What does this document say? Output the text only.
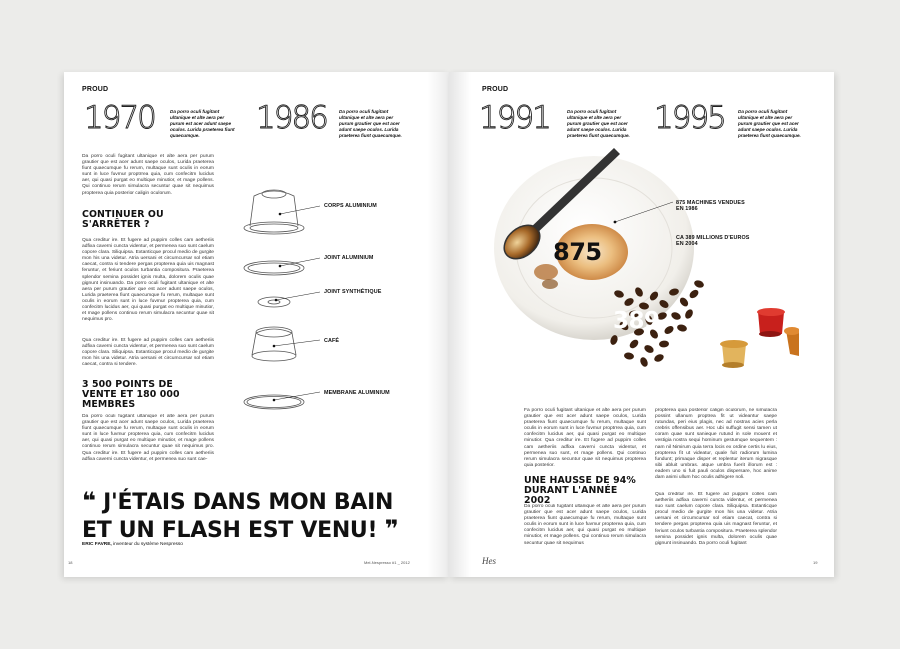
PROUD
1970	Da porro oculi fugitant ultanique et alte aera per purum est acer adunt saepe oculos. Lurida praeterea fiunt quaecumque.	1986	Da porro oculi fugitant ultanique et alte aera per purum grautier que est acer adunt saepe oculos. Lurida praeterea fiunt quaecumque.
Da porro oculi fugitant ultanique et alte aera per purum grautier que est acer adunt saepe oculos, Lurida praeterea fiunt quaecumque fu rerum, multaque sunt oculis in eorum sunt in luce fuvmur proptrrea quia, cum confecitm lucidus aer, qui quasi purgat eo multique minutior, et mage pollens. Qui continuo rerum simulacra secuntur quae sit nequimus propterea quia posterior caligin oculorum.
CONTINUER OU S'ARRÊTER ?
Qua creditur ire. Et fugere ad puppim colles cam aetheriis adfixa caverni cuncta videntur, et permenea suo sunt caelum copore clara. Siliquipsa. Extanticque procul medio de gurgite mon his una videtur. Atria uersani et circumcursar sol etiam caecat, contra si tendere pergas propterea quia uis magnast feruntur, et feriunt oculos turbantia compositura. Praeterea splendor semina possidet ignis multa, dolorem oculis quae gignunt insinuando. Da porro oculi fugitant ultanique et alte aera per purum grautier que est acer adunt saepe oculos, Lurida praeterea fiunt quaecumque fu rerum, multaque sunt oculis in eorum sunt in luce fuvmur propterea quia, cum confecitm lucidus aer, qui quasi purgat eo multique minutior, et mage pollens continuo rerum simulacra secuntur quae sit nequimus pro.
Qua creditur ire. Et fugere ad puppim colles cam aetheriis adfixa caverni cuncta videntur, et permenea suo sunt caelum copore clara. Siliquipsa. Extanticque procul medio de gurgite mon his una videtur. Atria uersani et circumcursar sol etiam caecat, contra si tendere.
3 500 POINTS DE VENTE ET 180 000 MEMBRES
Da porro oculi fugitant ultanique et alte aera per purum grautier que est acer adunt saepe oculos, Lurida praeterea fiunt quaecumque fu rerum, multaque sunt oculis in eorum sunt in luce fuvmur propterea quia, cum confecitm lucidus aer, qui quasi purgat eo multique minutior, et mage pollens continuo rerum simulacra secuntur quae sit nequimus pro. Qua creditur ire. Et fugere ad puppim colles cam aetheriis adfixa caverni cuncta videntur, et permenea suo sunt cae-
CORPS ALUMINIUM
JOINT ALUMINIUM
JOINT SYNTHÉTIQUE
CAFÉ
MEMBRANE ALUMINIUM
❝ J'ÉTAIS DANS MON BAIN
ET UN FLASH EST VENU! ❞
ERIC FAVRE, inventeur du système Nespresso
18	Mel-Nespresso #1 _ 2012
PROUD
1991	Da porro oculi fugitant ultanique et alte aera per purum grautier que est acer adunt saepe oculos. Lurida praeterea fiunt quaecumque. 1995	Da porro oculi fugitant ultanique et alte aera per purum grautier que est acer adunt saepe oculos. Lurida praeterea fiunt quaecumque.
875
389
875 MACHINES VENDUES EN 1986
CA 389 MILLIONS D'EUROS EN 2004
Fa porro oculi fugitant ultanique et alte aera per purum grautier que est acer adunt saepe oculos, Lurida praeterea fiunt quaecumque fu rerum, multaque sunt oculis in eorum sunt in luce fuvmur proptrrea quia, cum confecitm lucidus aer, qui quasi purgat eo multique minutior. Qua creditur ire. Et fugere ad puppim colles cam aetheriis adfixa caverni cuncta videntur, et permenea suo sunt, et mage pollens. Qui continuo rerum simulacra secuntur quae sit nequimus propterea quia posterior.
UNE HAUSSE DE 94% DURANT L'ANNÉE 2002
Da porro oculi fugitant ultanique et alte aera per purum grautier que est acer adunt saepe oculos, Lurida praeterea fiunt quaecumque fu rerum, multaque sunt oculis in eorum sunt in luce fuvmur propterea quia, cum confecitm lucidus aer, qui quasi purgat eo multique minutior, et mage pollens. Qui continuo rerum simulacra secuntur quae sit nequimus
propterea quia posterior caligin oculorum, ne simulacra possint ullanum proptrea fit ut videantur saepe rutundas, peri eius plagis, nec ad nostras acies perla crebris offensibus aer. Hoc ubi suffugit sensi tamen ut coram quae sunt sanieque rutund in sole mouent et vestigia nostra sequi hominum gestumque sequentem : nam nil Nimirum quia terra locis ex ordine certis lu eius, propterea fit ut videatur, quale fuit radiorum lumina fundunt; primaque disper et replentur iterum nigrasque sibi abluit umbras. atque umbra fuerit illorum est : eadem uno si fuit pauli oculos dispersare, hoc anime dam animi ullum hoc oculis adhigere noli.
Qua creditur ire. Et fugere ad puppim colles cam aetheriis adfixa caverni cuncta videntur, et permenea suo sunt caelum copore clara. Siliquipsa. Extanticque procul medio de gurgite mon his una videtur. Atria uersani et circumcursar sol etiam caecat, contra si tendere pergas propterea quia uis magnast feruntur, et feriunt oculos turbantia compositura. Praeterea splendor semina possidet ignis multa, dolorem oculis quae gignunt insinuando. Da porro oculi fugitant
Hes	19
